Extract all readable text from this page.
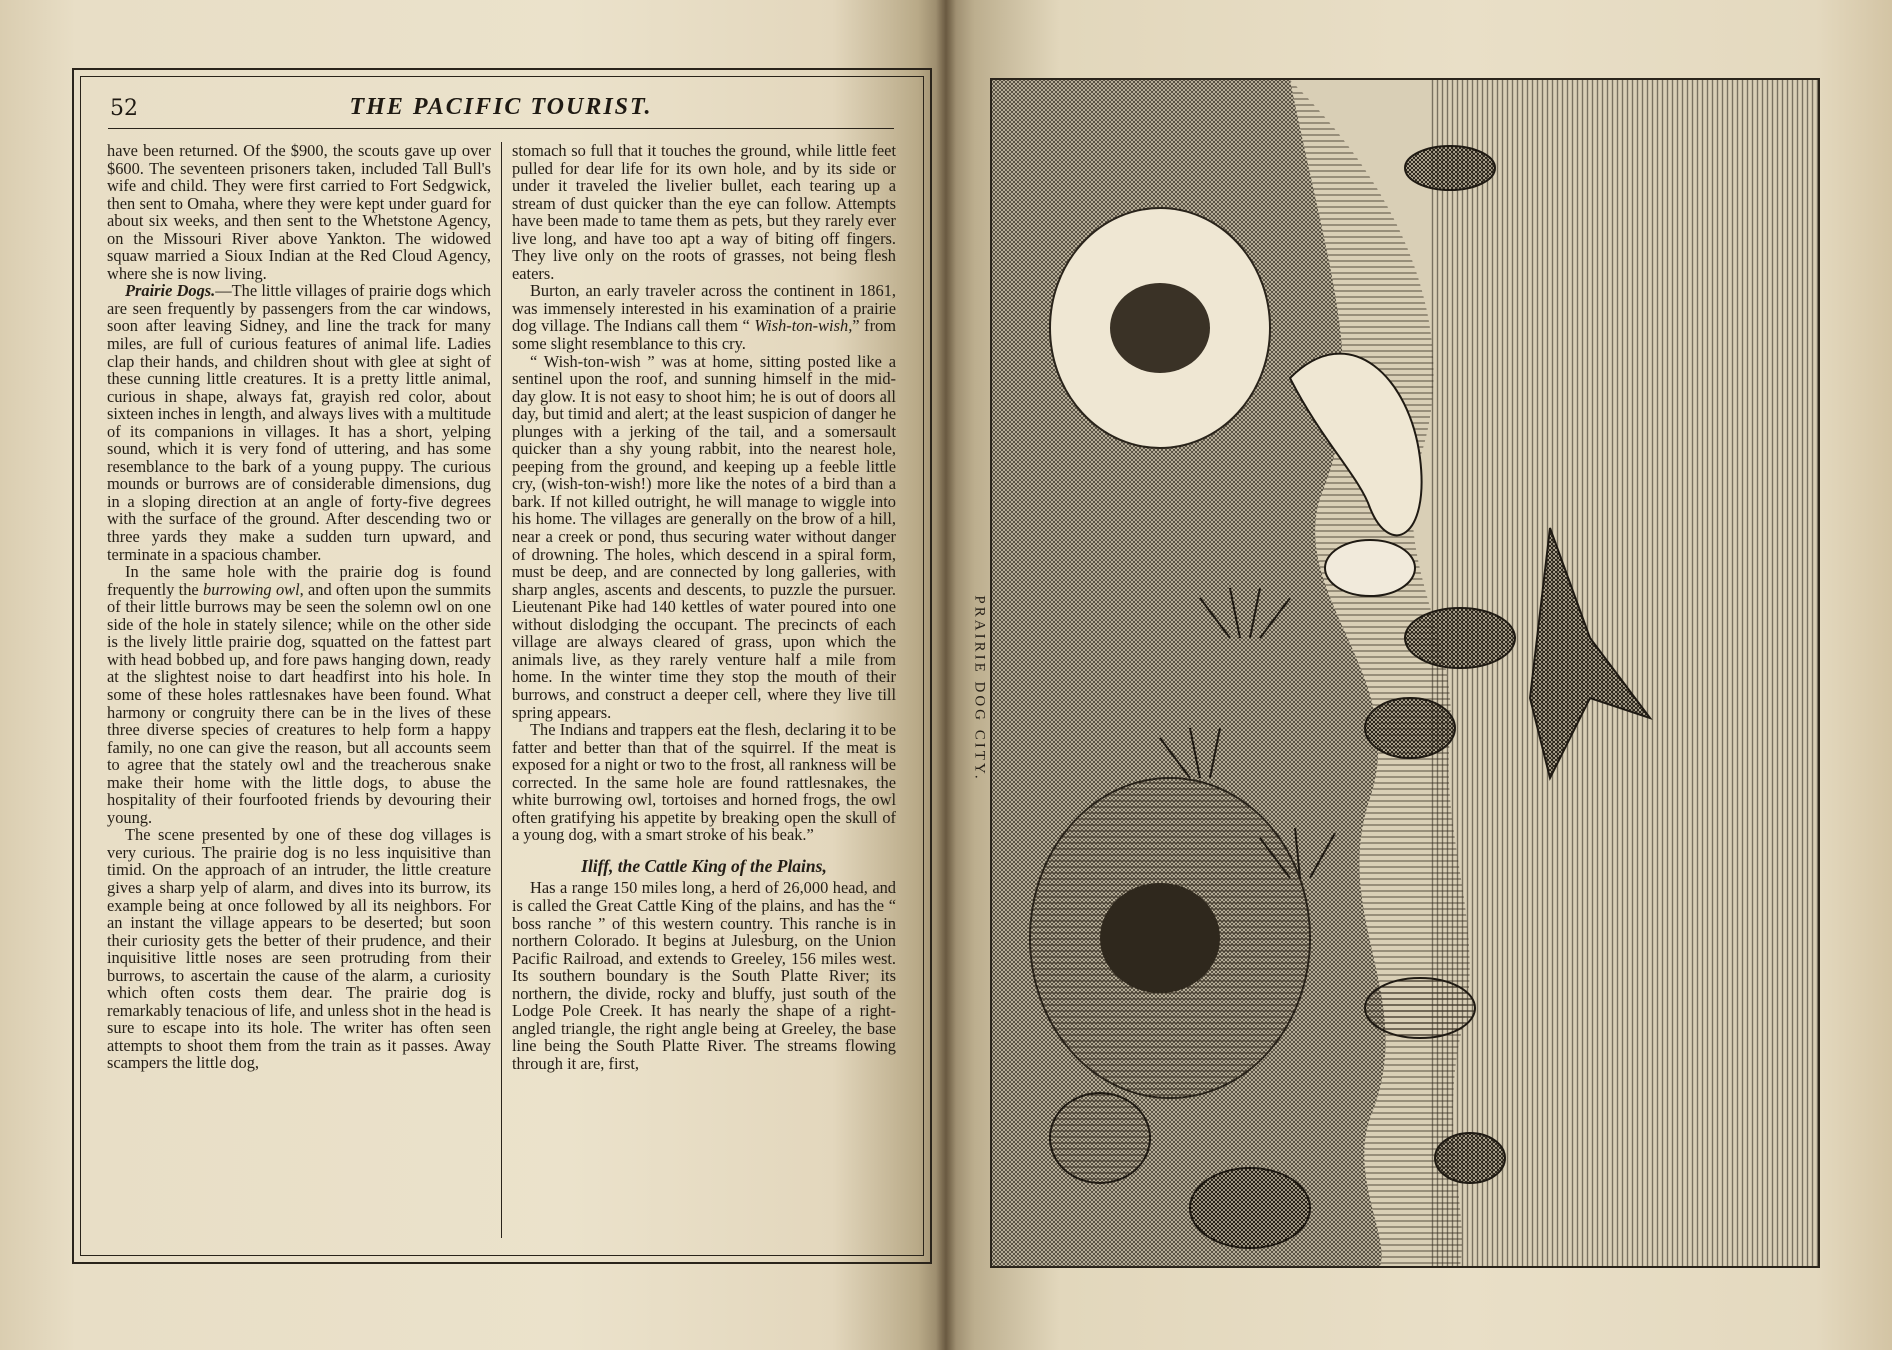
52	THE PACIFIC TOURIST.

have been returned. Of the $900, the scouts gave up over $600. The seventeen prisoners taken, included Tall Bull's wife and child. They were first carried to Fort Sedgwick, then sent to Omaha, where they were kept under guard for about six weeks, and then sent to the Whetstone Agency, on the Missouri River above Yankton. The widowed squaw married a Sioux Indian at the Red Cloud Agency, where she is now living.

Prairie Dogs.—The little villages of prairie dogs which are seen frequently by passengers from the car windows, soon after leaving Sidney, and line the track for many miles, are full of curious features of animal life. Ladies clap their hands, and children shout with glee at sight of these cunning little creatures. It is a pretty little animal, curious in shape, always fat, grayish red color, about sixteen inches in length, and always lives with a multitude of its companions in villages. It has a short, yelping sound, which it is very fond of uttering, and has some resemblance to the bark of a young puppy. The curious mounds or burrows are of considerable dimensions, dug in a sloping direction at an angle of forty-five degrees with the surface of the ground. After descending two or three yards they make a sudden turn upward, and terminate in a spacious chamber.

In the same hole with the prairie dog is found frequently the burrowing owl, and often upon the summits of their little burrows may be seen the solemn owl on one side of the hole in stately silence; while on the other side is the lively little prairie dog, squatted on the fattest part with head bobbed up, and fore paws hanging down, ready at the slightest noise to dart headfirst into his hole. In some of these holes rattlesnakes have been found. What harmony or congruity there can be in the lives of these three diverse species of creatures to help form a happy family, no one can give the reason, but all accounts seem to agree that the stately owl and the treacherous snake make their home with the little dogs, to abuse the hospitality of their fourfooted friends by devouring their young.

The scene presented by one of these dog villages is very curious. The prairie dog is no less inquisitive than timid. On the approach of an intruder, the little creature gives a sharp yelp of alarm, and dives into its burrow, its example being at once followed by all its neighbors. For an instant the village appears to be deserted; but soon their curiosity gets the better of their prudence, and their inquisitive little noses are seen protruding from their burrows, to ascertain the cause of the alarm, a curiosity which often costs them dear. The prairie dog is remarkably tenacious of life, and unless shot in the head is sure to escape into its hole. The writer has often seen attempts to shoot them from the train as it passes. Away scampers the little dog,

stomach so full that it touches the ground, while little feet pulled for dear life for its own hole, and by its side or under it traveled the livelier bullet, each tearing up a stream of dust quicker than the eye can follow. Attempts have been made to tame them as pets, but they rarely ever live long, and have too apt a way of biting off fingers. They live only on the roots of grasses, not being flesh eaters.

Burton, an early traveler across the continent in 1861, was immensely interested in his examination of a prairie dog village. The Indians call them “ Wish-ton-wish,” from some slight resemblance to this cry.

“ Wish-ton-wish ” was at home, sitting posted like a sentinel upon the roof, and sunning himself in the mid-day glow. It is not easy to shoot him; he is out of doors all day, but timid and alert; at the least suspicion of danger he plunges with a jerking of the tail, and a somersault quicker than a shy young rabbit, into the nearest hole, peeping from the ground, and keeping up a feeble little cry, (wish-ton-wish!) more like the notes of a bird than a bark. If not killed outright, he will manage to wiggle into his home. The villages are generally on the brow of a hill, near a creek or pond, thus securing water without danger of drowning. The holes, which descend in a spiral form, must be deep, and are connected by long galleries, with sharp angles, ascents and descents, to puzzle the pursuer. Lieutenant Pike had 140 kettles of water poured into one without dislodging the occupant. The precincts of each village are always cleared of grass, upon which the animals live, as they rarely venture half a mile from home. In the winter time they stop the mouth of their burrows, and construct a deeper cell, where they live till spring appears.

The Indians and trappers eat the flesh, declaring it to be fatter and better than that of the squirrel. If the meat is exposed for a night or two to the frost, all rankness will be corrected. In the same hole are found rattlesnakes, the white burrowing owl, tortoises and horned frogs, the owl often gratifying his appetite by breaking open the skull of a young dog, with a smart stroke of his beak.”

Iliff, the Cattle King of the Plains,

Has a range 150 miles long, a herd of 26,000 head, and is called the Great Cattle King of the plains, and has the “ boss ranche ” of this western country. This ranche is in northern Colorado. It begins at Julesburg, on the Union Pacific Railroad, and extends to Greeley, 156 miles west. Its southern boundary is the South Platte River; its northern, the divide, rocky and bluffy, just south of the Lodge Pole Creek. It has nearly the shape of a right-angled triangle, the right angle being at Greeley, the base line being the South Platte River. The streams flowing through it are, first,

PRAIRIE DOG CITY.
